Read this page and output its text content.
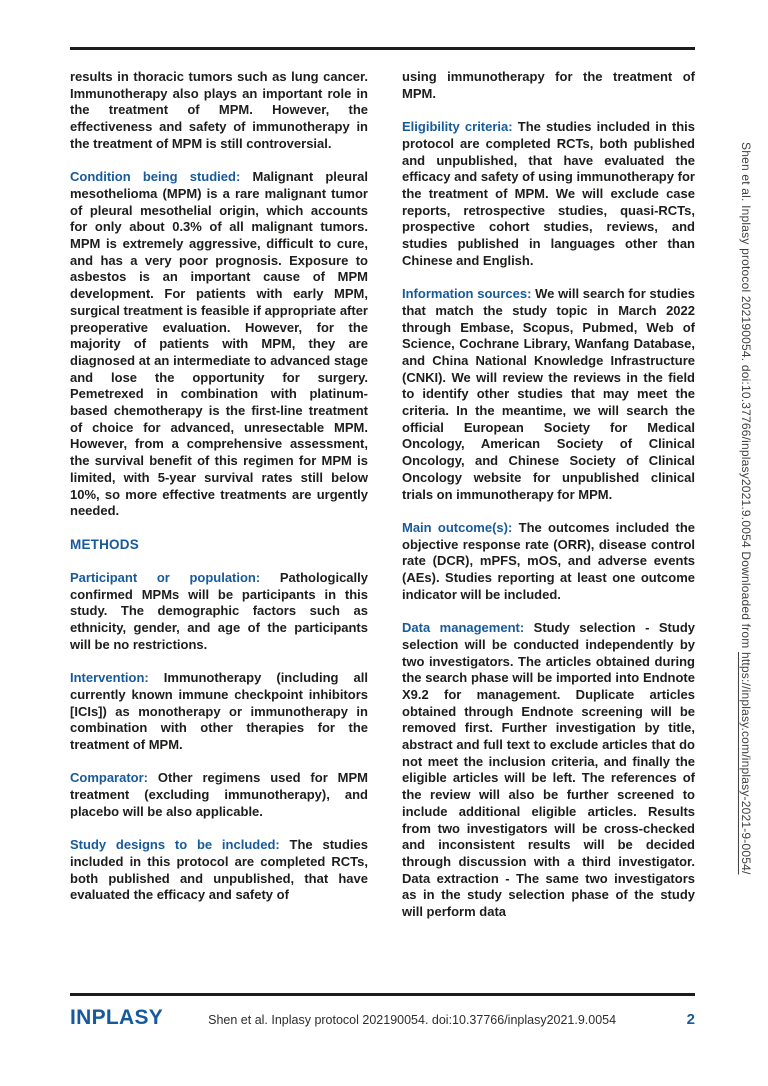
results in thoracic tumors such as lung cancer. Immunotherapy also plays an important role in the treatment of MPM. However, the effectiveness and safety of immunotherapy in the treatment of MPM is still controversial.

Condition being studied: Malignant pleural mesothelioma (MPM) is a rare malignant tumor of pleural mesothelial origin, which accounts for only about 0.3% of all malignant tumors. MPM is extremely aggressive, difficult to cure, and has a very poor prognosis. Exposure to asbestos is an important cause of MPM development. For patients with early MPM, surgical treatment is feasible if appropriate after preoperative evaluation. However, for the majority of patients with MPM, they are diagnosed at an intermediate to advanced stage and lose the opportunity for surgery. Pemetrexed in combination with platinum-based chemotherapy is the first-line treatment of choice for advanced, unresectable MPM. However, from a comprehensive assessment, the survival benefit of this regimen for MPM is limited, with 5-year survival rates still below 10%, so more effective treatments are urgently needed.

METHODS

Participant or population: Pathologically confirmed MPMs will be participants in this study. The demographic factors such as ethnicity, gender, and age of the participants will be no restrictions.

Intervention: Immunotherapy (including all currently known immune checkpoint inhibitors [ICIs]) as monotherapy or immunotherapy in combination with other therapies for the treatment of MPM.

Comparator: Other regimens used for MPM treatment (excluding immunotherapy), and placebo will be also applicable.

Study designs to be included: The studies included in this protocol are completed RCTs, both published and unpublished, that have evaluated the efficacy and safety of

using immunotherapy for the treatment of MPM.

Eligibility criteria: The studies included in this protocol are completed RCTs, both published and unpublished, that have evaluated the efficacy and safety of using immunotherapy for the treatment of MPM. We will exclude case reports, retrospective studies, quasi-RCTs, prospective cohort studies, reviews, and studies published in languages other than Chinese and English.

Information sources: We will search for studies that match the study topic in March 2022 through Embase, Scopus, Pubmed, Web of Science, Cochrane Library, Wanfang Database, and China National Knowledge Infrastructure (CNKI). We will review the reviews in the field to identify other studies that may meet the criteria. In the meantime, we will search the official European Society for Medical Oncology, American Society of Clinical Oncology, and Chinese Society of Clinical Oncology website for unpublished clinical trials on immunotherapy for MPM.

Main outcome(s): The outcomes included the objective response rate (ORR), disease control rate (DCR), mPFS, mOS, and adverse events (AEs). Studies reporting at least one outcome indicator will be included.

Data management: Study selection - Study selection will be conducted independently by two investigators. The articles obtained during the search phase will be imported into Endnote X9.2 for management. Duplicate articles obtained through Endnote screening will be removed first. Further investigation by title, abstract and full text to exclude articles that do not meet the inclusion criteria, and finally the eligible articles will be left. The references of the review will also be further screened to include additional eligible articles. Results from two investigators will be cross-checked and inconsistent results will be decided through discussion with a third investigator. Data extraction - The same two investigators as in the study selection phase of the study will perform data

Shen et al. Inplasy protocol 202190054. doi:10.37766/inplasy2021.9.0054 Downloaded from https://inplasy.com/inplasy-2021-9-0054/
INPLASY	Shen et al. Inplasy protocol 202190054. doi:10.37766/inplasy2021.9.0054	2
